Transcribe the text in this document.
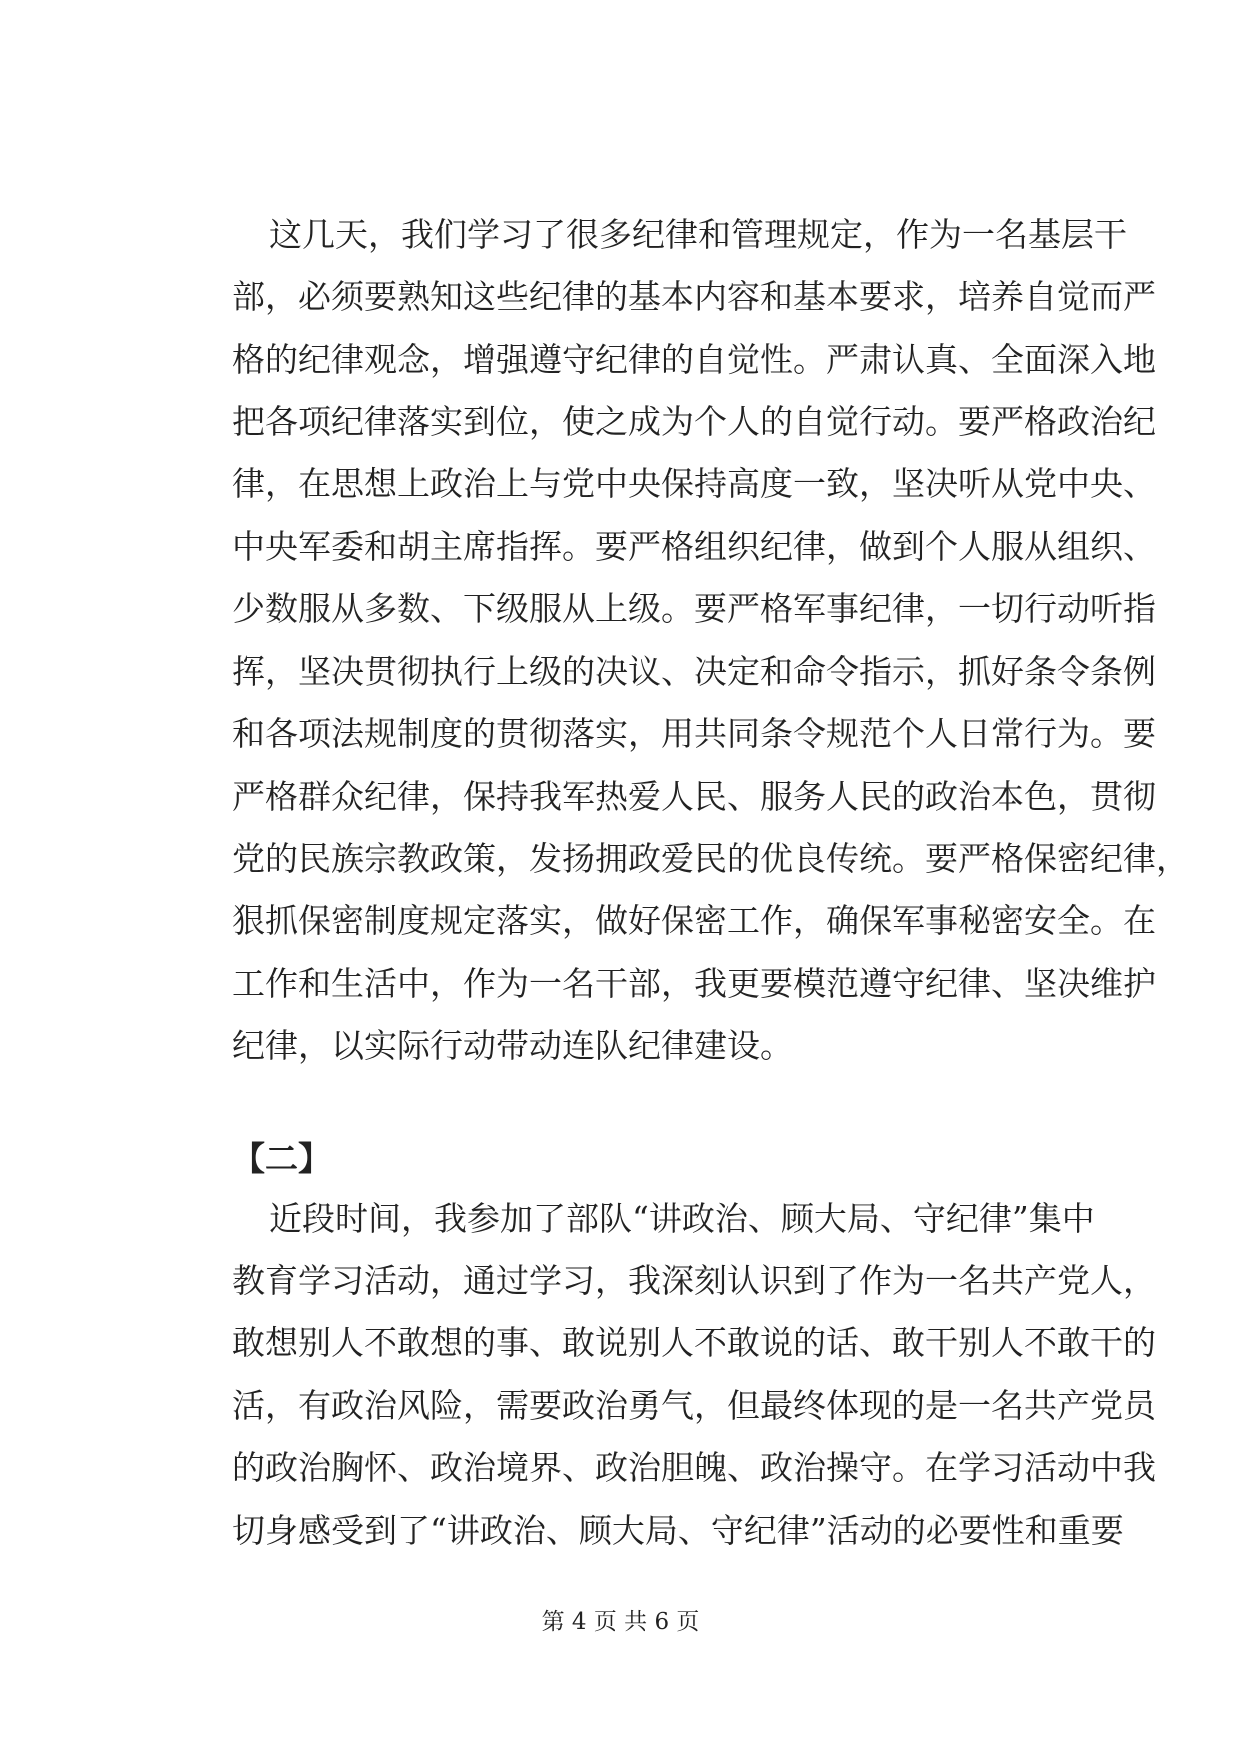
这几天，我们学习了很多纪律和管理规定，作为一名基层干
部，必须要熟知这些纪律的基本内容和基本要求，培养自觉而严
格的纪律观念，增强遵守纪律的自觉性。严肃认真、全面深入地
把各项纪律落实到位，使之成为个人的自觉行动。要严格政治纪
律，在思想上政治上与党中央保持高度一致，坚决听从党中央、
中央军委和胡主席指挥。要严格组织纪律，做到个人服从组织、
少数服从多数、下级服从上级。要严格军事纪律，一切行动听指
挥，坚决贯彻执行上级的决议、决定和命令指示，抓好条令条例
和各项法规制度的贯彻落实，用共同条令规范个人日常行为。要
严格群众纪律，保持我军热爱人民、服务人民的政治本色，贯彻
党的民族宗教政策，发扬拥政爱民的优良传统。要严格保密纪律，
狠抓保密制度规定落实，做好保密工作，确保军事秘密安全。在
工作和生活中，作为一名干部，我更要模范遵守纪律、坚决维护
纪律，以实际行动带动连队纪律建设。
【二】
近段时间，我参加了部队“讲政治、顾大局、守纪律”集中
教育学习活动，通过学习，我深刻认识到了作为一名共产党人，
敢想别人不敢想的事、敢说别人不敢说的话、敢干别人不敢干的
活，有政治风险，需要政治勇气，但最终体现的是一名共产党员
的政治胸怀、政治境界、政治胆魄、政治操守。在学习活动中我
切身感受到了“讲政治、顾大局、守纪律”活动的必要性和重要
第 4 页 共 6 页
